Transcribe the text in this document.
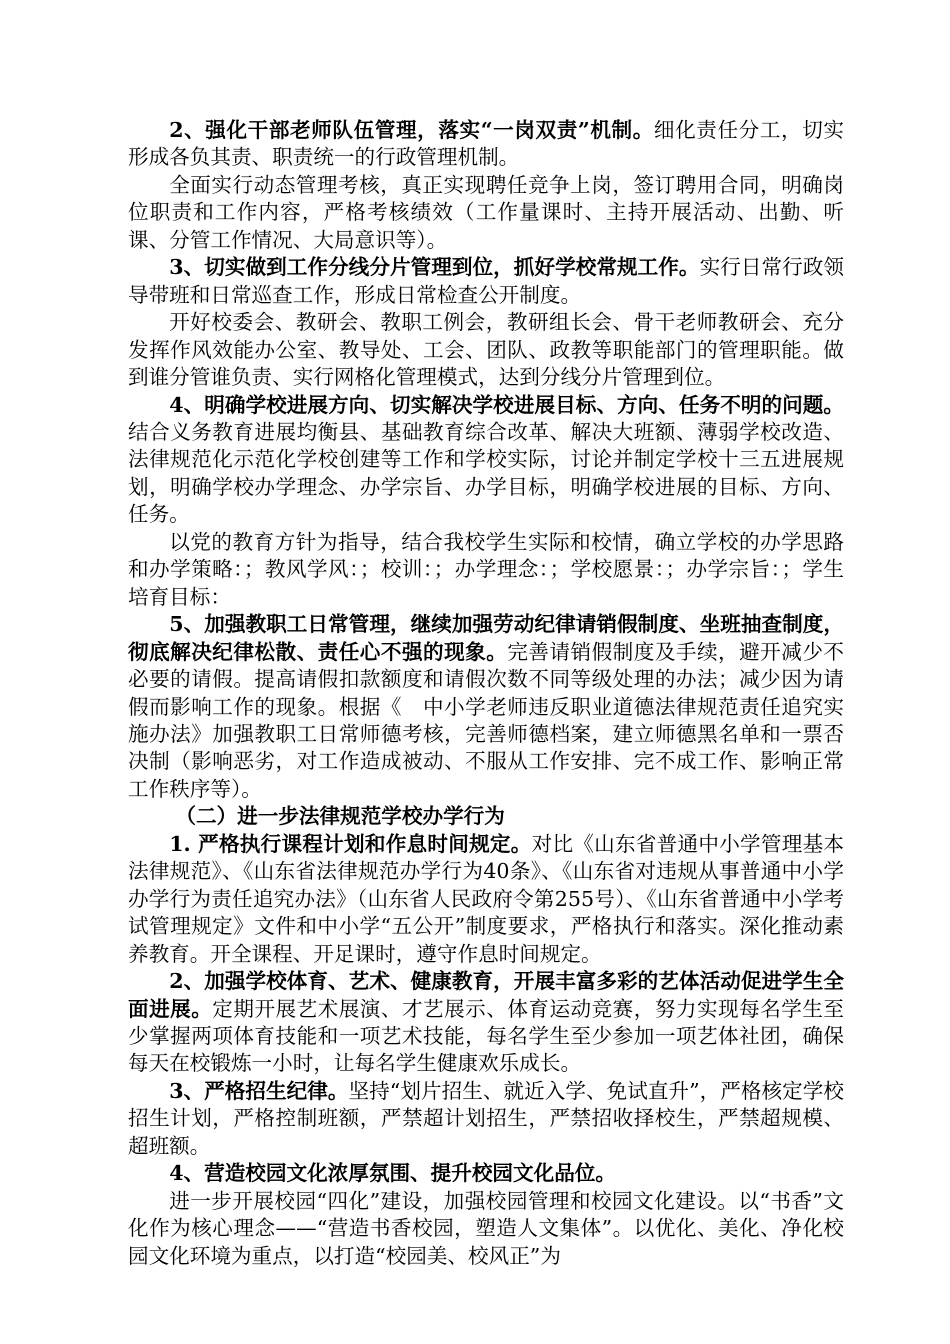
2、强化干部老师队伍管理，落实“一岗双责”机制。细化责任分工，切实形成各负其责、职责统一的行政管理机制。

全面实行动态管理考核，真正实现聘任竞争上岗，签订聘用合同，明确岗位职责和工作内容，严格考核绩效（工作量课时、主持开展活动、出勤、听课、分管工作情况、大局意识等）。

3、切实做到工作分线分片管理到位，抓好学校常规工作。实行日常行政领导带班和日常巡查工作，形成日常检查公开制度。

开好校委会、教研会、教职工例会，教研组长会、骨干老师教研会、充分发挥作风效能办公室、教导处、工会、团队、政教等职能部门的管理职能。做到谁分管谁负责、实行网格化管理模式，达到分线分片管理到位。

4、明确学校进展方向、切实解决学校进展目标、方向、任务不明的问题。结合义务教育进展均衡县、基础教育综合改革、解决大班额、薄弱学校改造、法律规范化示范化学校创建等工作和学校实际，讨论并制定学校十三五进展规划，明确学校办学理念、办学宗旨、办学目标，明确学校进展的目标、方向、任务。

以党的教育方针为指导，结合我校学生实际和校情，确立学校的办学思路和办学策略：；教风学风：；校训：；办学理念：；学校愿景：；办学宗旨：；学生培育目标：

5、加强教职工日常管理，继续加强劳动纪律请销假制度、坐班抽查制度，彻底解决纪律松散、责任心不强的现象。完善请销假制度及手续，避开减少不必要的请假。提高请假扣款额度和请假次数不同等级处理的办法；减少因为请假而影响工作的现象。根据《　中小学老师违反职业道德法律规范责任追究实施办法》加强教职工日常师德考核，完善师德档案，建立师德黑名单和一票否决制（影响恶劣，对工作造成被动、不服从工作安排、完不成工作、影响正常工作秩序等）。

（二）进一步法律规范学校办学行为

1. 严格执行课程计划和作息时间规定。对比《山东省普通中小学管理基本法律规范》、《山东省法律规范办学行为40条》、《山东省对违规从事普通中小学办学行为责任追究办法》（山东省人民政府令第255号）、《山东省普通中小学考试管理规定》文件和中小学“五公开”制度要求，严格执行和落实。深化推动素养教育。开全课程、开足课时，遵守作息时间规定。

2、加强学校体育、艺术、健康教育，开展丰富多彩的艺体活动促进学生全面进展。定期开展艺术展演、才艺展示、体育运动竞赛，努力实现每名学生至少掌握两项体育技能和一项艺术技能，每名学生至少参加一项艺体社团，确保每天在校锻炼一小时，让每名学生健康欢乐成长。

3、严格招生纪律。坚持“划片招生、就近入学、免试直升”，严格核定学校招生计划，严格控制班额，严禁超计划招生，严禁招收择校生，严禁超规模、超班额。

4、营造校园文化浓厚氛围、提升校园文化品位。

进一步开展校园“四化”建设，加强校园管理和校园文化建设。以“书香”文化作为核心理念——“营造书香校园，塑造人文集体”。以优化、美化、净化校园文化环境为重点，以打造“校园美、校风正”为
